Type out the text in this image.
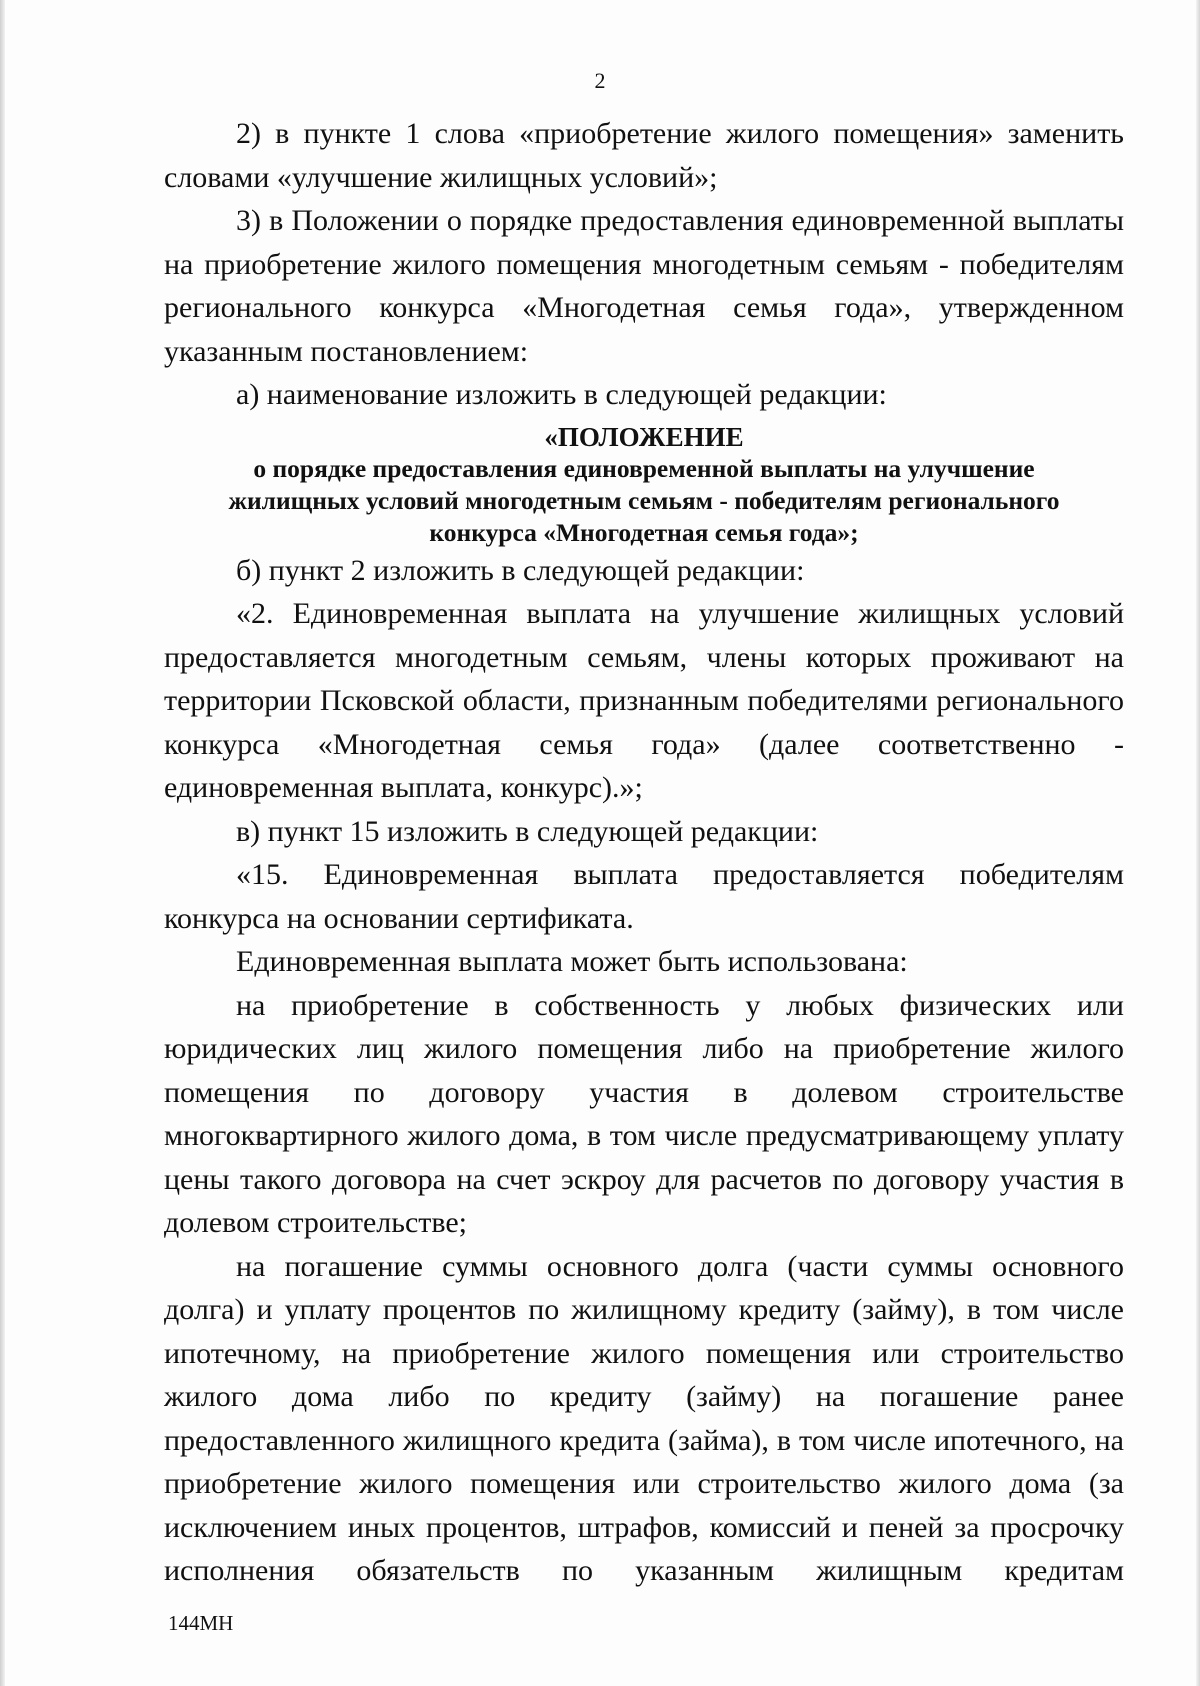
2

2) в пункте 1 слова «приобретение жилого помещения» заменить словами «улучшение жилищных условий»;

3) в Положении о порядке предоставления единовременной выплаты на приобретение жилого помещения многодетным семьям - победителям регионального конкурса «Многодетная семья года», утвержденном указанным постановлением:

а) наименование изложить в следующей редакции:

«ПОЛОЖЕНИЕ

о порядке предоставления единовременной выплаты на улучшение

жилищных условий многодетным семьям - победителям регионального

конкурса «Многодетная семья года»;

б) пункт 2 изложить в следующей редакции:

«2. Единовременная выплата на улучшение жилищных условий предоставляется многодетным семьям, члены которых проживают на территории Псковской области, признанным победителями регионального конкурса «Многодетная семья года» (далее соответственно - единовременная выплата, конкурс).»;

в) пункт 15 изложить в следующей редакции:

«15. Единовременная выплата предоставляется победителям конкурса на основании сертификата.

Единовременная выплата может быть использована:

на приобретение в собственность у любых физических или юридических лиц жилого помещения либо на приобретение жилого помещения по договору участия в долевом строительстве многоквартирного жилого дома, в том числе предусматривающему уплату цены такого договора на счет эскроу для расчетов по договору участия в долевом строительстве;

на погашение суммы основного долга (части суммы основного долга) и уплату процентов по жилищному кредиту (займу), в том числе ипотечному, на приобретение жилого помещения или строительство жилого дома либо по кредиту (займу) на погашение ранее предоставленного жилищного кредита (займа), в том числе ипотечного, на приобретение жилого помещения или строительство жилого дома (за исключением иных процентов, штрафов, комиссий и пеней за просрочку исполнения обязательств по указанным жилищным кредитам

144МН
